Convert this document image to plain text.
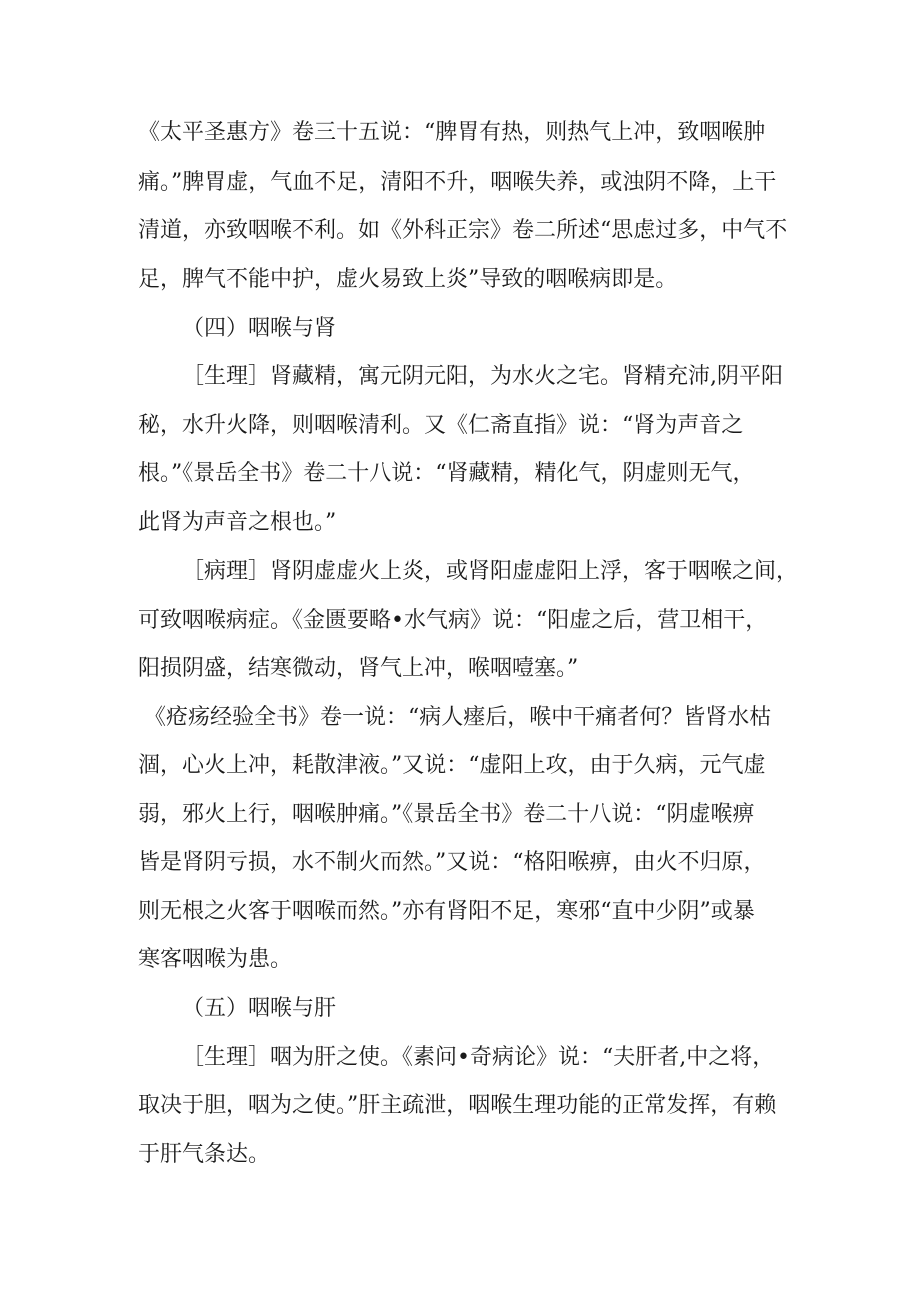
《太平圣惠方》卷三十五说：“脾胃有热，则热气上冲，致咽喉肿
痛。”脾胃虚，气血不足，清阳不升，咽喉失养，或浊阴不降，上干
清道，亦致咽喉不利。如《外科正宗》卷二所述“思虑过多，中气不
足，脾气不能中护，虚火易致上炎”导致的咽喉病即是。
（四）咽喉与肾
［生理］肾藏精，寓元阴元阳，为水火之宅。肾精充沛,阴平阳
秘，水升火降，则咽喉清利。又《仁斋直指》说：“肾为声音之
根。”《景岳全书》卷二十八说：“肾藏精，精化气，阴虚则无气，
此肾为声音之根也。”
［病理］肾阴虚虚火上炎，或肾阳虚虚阳上浮，客于咽喉之间，
可致咽喉病症。《金匮要略•水气病》说：“阳虚之后，营卫相干，
阳损阴盛，结寒微动，肾气上冲，喉咽噎塞。”
《疮疡经验全书》卷一说：“病人瘗后，喉中干痛者何？皆肾水枯
涸，心火上冲，耗散津液。”又说：“虚阳上攻，由于久病，元气虚
弱，邪火上行，咽喉肿痛。”《景岳全书》卷二十八说：“阴虚喉痹
皆是肾阴亏损，水不制火而然。”又说：“格阳喉痹，由火不归原，
则无根之火客于咽喉而然。”亦有肾阳不足，寒邪“直中少阴”或暴
寒客咽喉为患。
（五）咽喉与肝
［生理］咽为肝之使。《素问•奇病论》说：“夫肝者,中之将，
取决于胆，咽为之使。”肝主疏泄，咽喉生理功能的正常发挥，有赖
于肝气条达。
